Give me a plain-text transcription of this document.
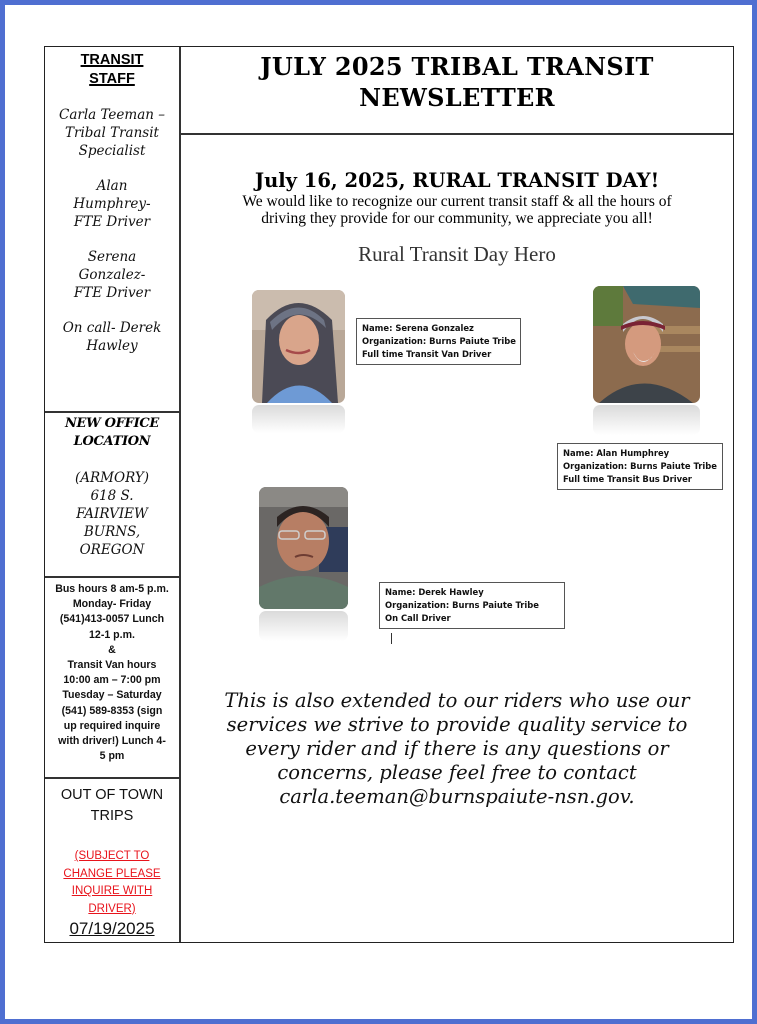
TRANSIT
STAFF
Carla Teeman –
Tribal Transit
Specialist
Alan
Humphrey-
FTE Driver
Serena
Gonzalez-
FTE Driver
On call- Derek
Hawley
NEW OFFICE
LOCATION
(ARMORY)
618 S.
FAIRVIEW
BURNS,
OREGON
Bus hours 8 am-5 p.m.
Monday- Friday
(541)413-0057 Lunch
12-1 p.m.
&
Transit Van hours
10:00 am – 7:00 pm
Tuesday – Saturday
(541) 589-8353 (sign
up required inquire
with driver!) Lunch 4-
5 pm
OUT OF TOWN
TRIPS
(SUBJECT TO
CHANGE PLEASE
INQUIRE WITH
DRIVER)
07/19/2025
JULY 2025 TRIBAL TRANSIT
NEWSLETTER
July 16, 2025, RURAL TRANSIT DAY!
We would like to recognize our current transit staff & all the hours of
driving they provide for our community, we appreciate you all!
Rural Transit Day Hero
Name: Serena Gonzalez
Organization: Burns Paiute Tribe
Full time Transit Van Driver
Name: Alan Humphrey
Organization: Burns Paiute Tribe
Full time Transit Bus Driver
Name: Derek Hawley
Organization: Burns Paiute Tribe
On Call Driver
This is also extended to our riders who use our
services we strive to provide quality service to
every rider and if there is any questions or
concerns, please feel free to contact
carla.teeman@burnspaiute-nsn.gov.
